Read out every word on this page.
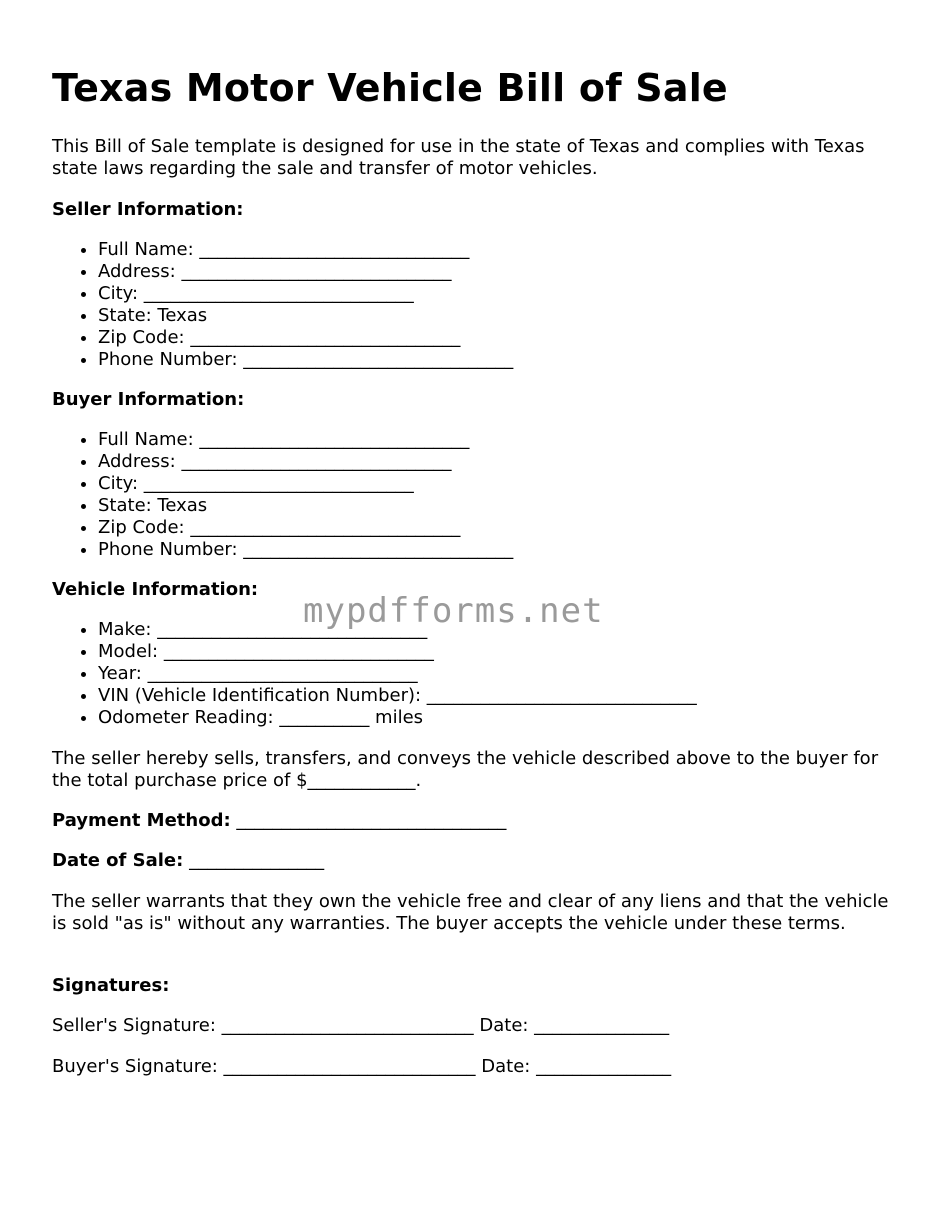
Texas Motor Vehicle Bill of Sale
This Bill of Sale template is designed for use in the state of Texas and complies with Texas state laws regarding the sale and transfer of motor vehicles.
Seller Information:
• Full Name: ______________________________
• Address: ______________________________
• City: ______________________________
• State: Texas
• Zip Code: ______________________________
• Phone Number: ______________________________
Buyer Information:
• Full Name: ______________________________
• Address: ______________________________
• City: ______________________________
• State: Texas
• Zip Code: ______________________________
• Phone Number: ______________________________
Vehicle Information:
• Make: ______________________________
• Model: ______________________________
• Year: ______________________________
• VIN (Vehicle Identification Number): ______________________________
• Odometer Reading: __________ miles
The seller hereby sells, transfers, and conveys the vehicle described above to the buyer for the total purchase price of $____________.
Payment Method: ______________________________
Date of Sale: _______________
The seller warrants that they own the vehicle free and clear of any liens and that the vehicle is sold "as is" without any warranties. The buyer accepts the vehicle under these terms.
Signatures:
Seller's Signature: ____________________________ Date: _______________
Buyer's Signature: ____________________________ Date: _______________
mypdfforms.net
